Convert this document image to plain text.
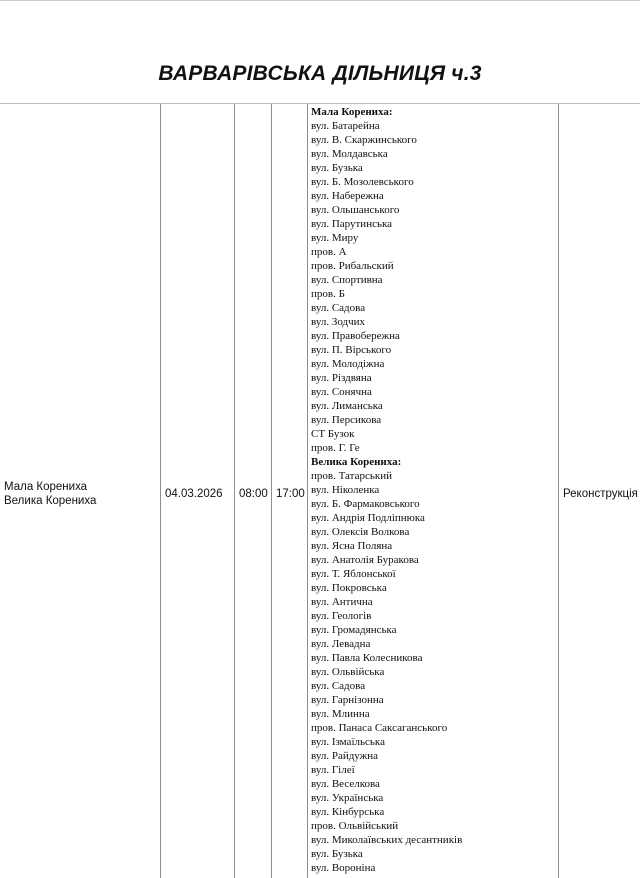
ВАРВАРІВСЬКА ДІЛЬНИЦЯ ч.3
Мала Корениха
Велика Корениха
04.03.2026	08:00 17:00
Мала Корениха:
вул. Батарейна
вул. В. Скаржинського
вул. Молдавська
вул. Бузька
вул. Б. Мозолевського
вул. Набережна
вул. Ольшанського
вул. Парутинська
вул. Миру
пров. А
пров. Рибальский
вул. Спортивна
пров. Б
вул. Садова
вул. Зодчих
вул. Правобережна
вул. П. Вірського
вул. Молодіжна
вул. Різдвяна
вул. Сонячна
вул. Лиманська
вул. Персикова
СТ Бузок
пров. Г. Ге
Велика Корениха:
пров. Татарський
вул. Ніколенка
вул. Б. Фармаковського
вул. Андрія Подліпнюка
вул. Олексія Волкова
вул. Ясна Поляна
вул. Анатолія Буракова
вул. Т. Яблонської
вул. Покровська
вул. Антична
вул. Геологів
вул. Громадянська
вул. Левадна
вул. Павла Колесникова
вул. Ольвійська
вул. Садова
вул. Гарнізонна
вул. Млинна
пров. Панаса Саксаганського
вул. Ізмаїльська
вул. Райдужна
вул. Гілеї
вул. Веселкова
вул. Українська
вул. Кінбурська
пров. Ольвійський
вул. Миколаївських десантників
вул. Бузька
вул. Вороніна
Реконструкція
